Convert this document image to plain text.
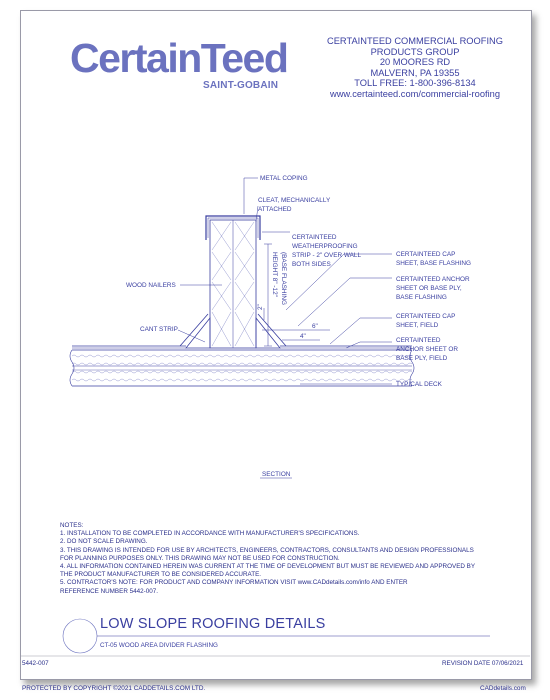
CertainTeed
SAINT-GOBAIN
CERTAINTEED COMMERCIAL ROOFING
PRODUCTS GROUP
20 MOORES RD
MALVERN, PA 19355
TOLL FREE: 1-800-396-8134
www.certainteed.com/commercial-roofing
METAL COPING
CLEAT, MECHANICALLY
ATTACHED
CERTAINTEED
WEATHERPROOFING
STRIP - 2" OVER WALL
BOTH SIDES
(BASE FLASHING
HEIGHT 8" -12"	CERTAINTEED CAP
SHEET, BASE FLASHING
CERTAINTEED ANCHOR
SHEET OR BASE PLY,
BASE FLASHING
CERTAINTEED CAP
SHEET, FIELD
CERTAINTEED
ANCHOR SHEET OR
BASE PLY, FIELD
TYPICAL DECK
WOOD NAILERS
CANT STRIP
2"
6"
4"
SECTION
NOTES:
1. INSTALLATION TO BE COMPLETED IN ACCORDANCE WITH MANUFACTURER'S SPECIFICATIONS.
2. DO NOT SCALE DRAWING.
3. THIS DRAWING IS INTENDED FOR USE BY ARCHITECTS, ENGINEERS, CONTRACTORS, CONSULTANTS AND DESIGN PROFESSIONALS
FOR PLANNING PURPOSES ONLY. THIS DRAWING MAY NOT BE USED FOR CONSTRUCTION.
4. ALL INFORMATION CONTAINED HEREIN WAS CURRENT AT THE TIME OF DEVELOPMENT BUT MUST BE REVIEWED AND APPROVED BY
THE PRODUCT MANUFACTURER TO BE CONSIDERED ACCURATE.
5. CONTRACTOR'S NOTE: FOR PRODUCT AND COMPANY INFORMATION VISIT www.CADdetails.com/info AND ENTER
REFERENCE NUMBER 5442-007.
LOW SLOPE ROOFING DETAILS
CT-05 WOOD AREA DIVIDER FLASHING
5442-007	REVISION DATE 07/06/2021
PROTECTED BY COPYRIGHT ©2021 CADDETAILS.COM LTD.	CADdetails.com
